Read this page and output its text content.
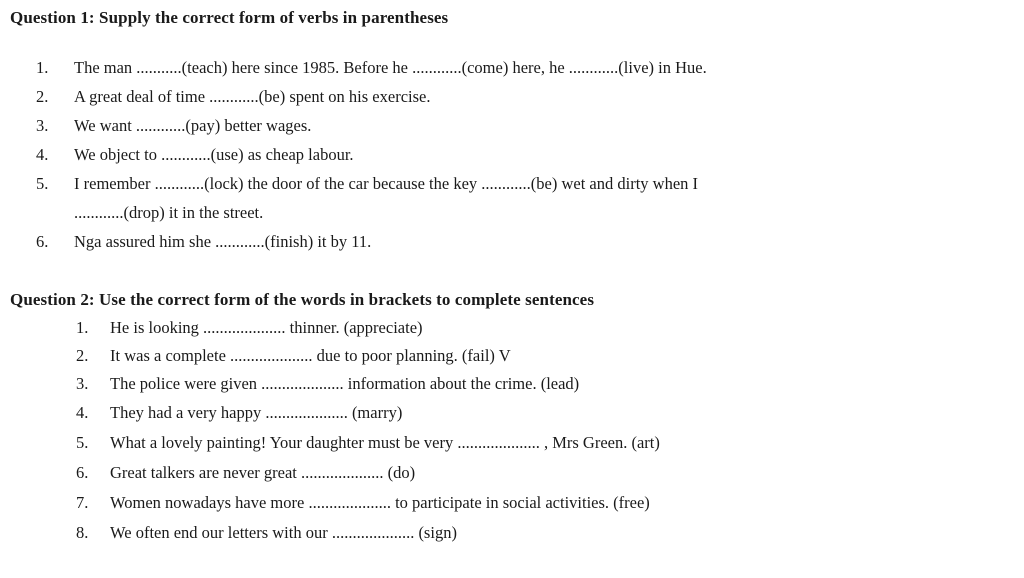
Question 1: Supply the correct form of verbs in parentheses
1. The man ...........(teach) here since 1985. Before he ............(come) here, he ............(live) in Hue.
2. A great deal of time ............(be) spent on his exercise.
3. We want ............(pay) better wages.
4. We object to ............(use) as cheap labour.
5. I remember ............(lock) the door of the car because the key ............(be) wet and dirty when I
............(drop) it in the street.
6. Nga assured him she ............(finish) it by 11.
Question 2: Use the correct form of the words in brackets to complete sentences
1. He is looking .................... thinner. (appreciate)
2. It was a complete .................... due to poor planning. (fail) V
3. The police were given .................... information about the crime. (lead)
4. They had a very happy .................... (marry)
5. What a lovely painting! Your daughter must be very .................... , Mrs Green. (art)
6. Great talkers are never great .................... (do)
7. Women nowadays have more .................... to participate in social activities. (free)
8. We often end our letters with our .................... (sign)
